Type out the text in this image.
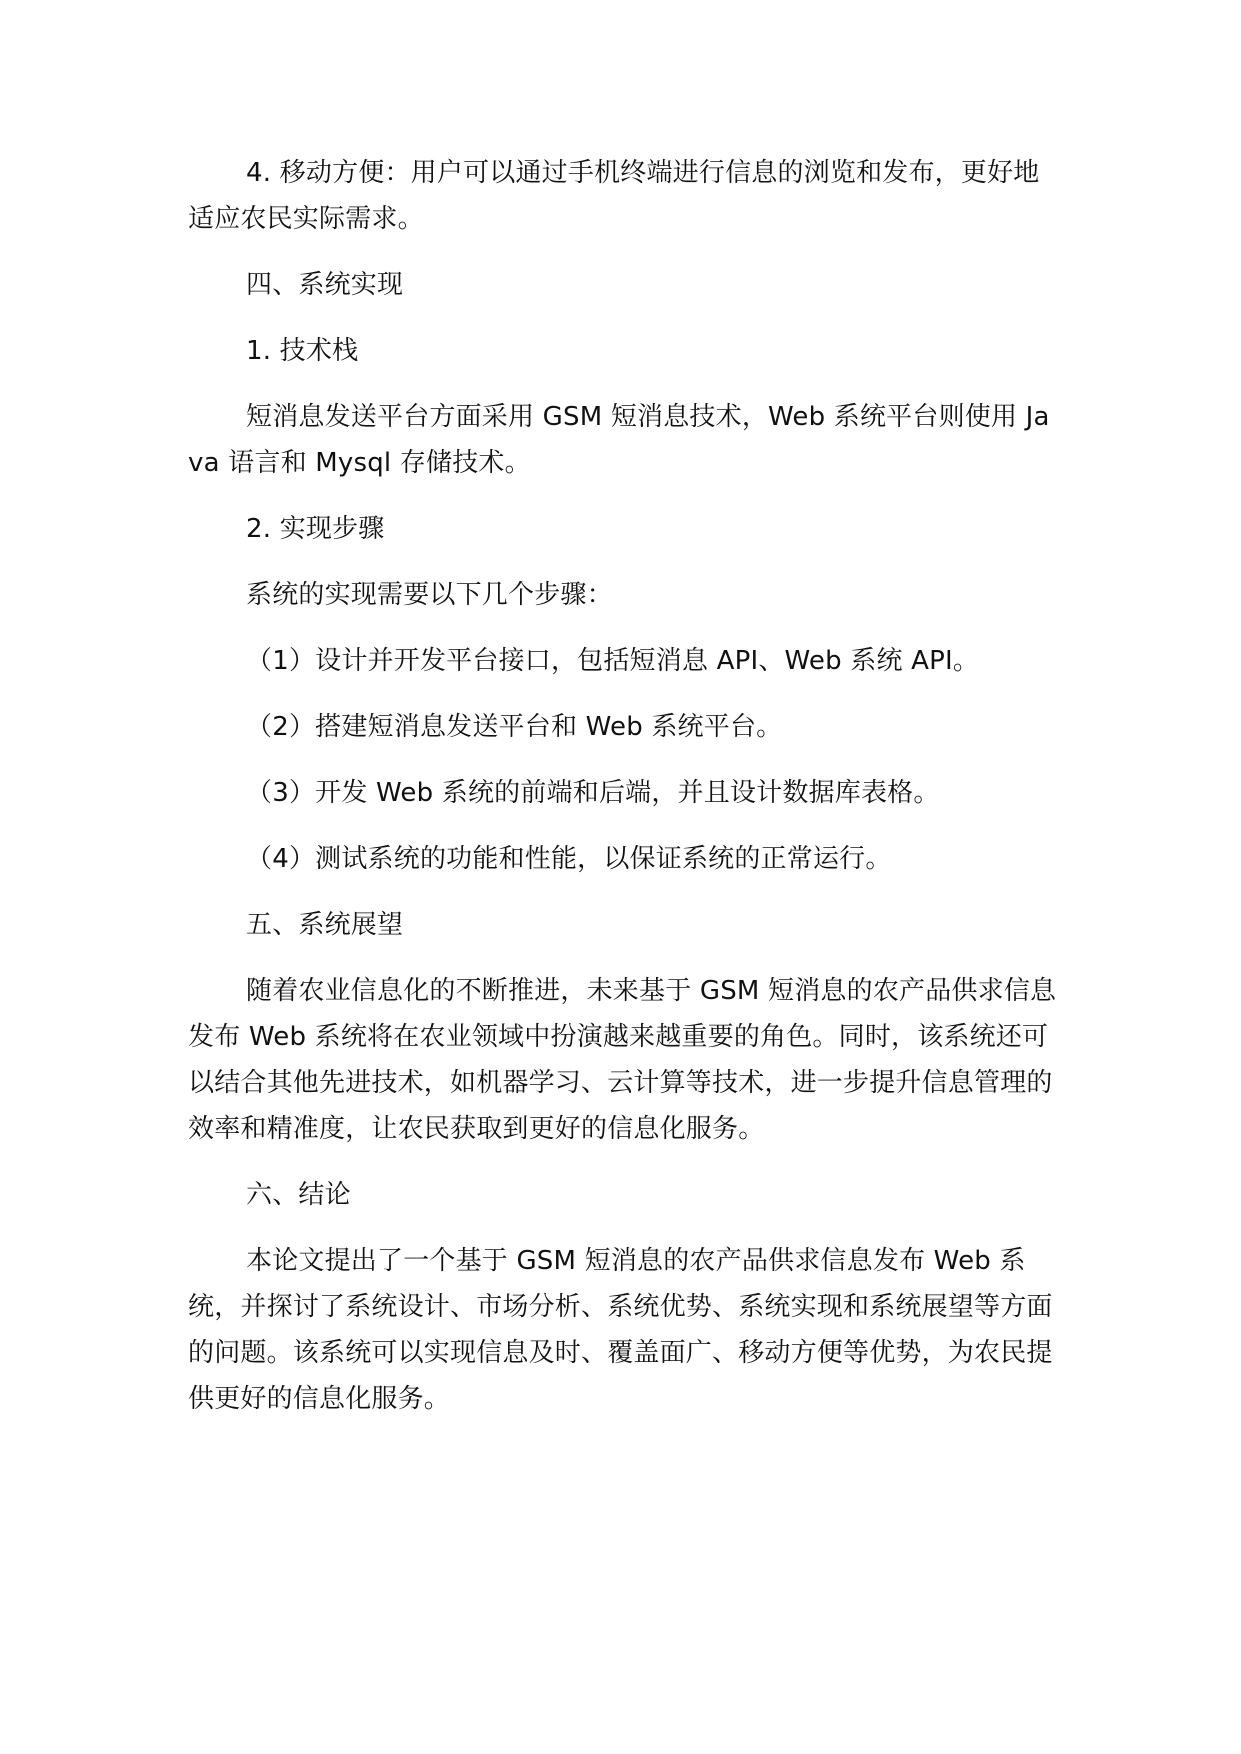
4. 移动方便：用户可以通过手机终端进行信息的浏览和发布，更好地适应农民实际需求。

四、系统实现

1. 技术栈

短消息发送平台方面采用 GSM 短消息技术，Web 系统平台则使用 Java 语言和 Mysql 存储技术。

2. 实现步骤

系统的实现需要以下几个步骤：

（1）设计并开发平台接口，包括短消息 API、Web 系统 API。

（2）搭建短消息发送平台和 Web 系统平台。

（3）开发 Web 系统的前端和后端，并且设计数据库表格。

（4）测试系统的功能和性能，以保证系统的正常运行。

五、系统展望

随着农业信息化的不断推进，未来基于 GSM 短消息的农产品供求信息发布 Web 系统将在农业领域中扮演越来越重要的角色。同时，该系统还可以结合其他先进技术，如机器学习、云计算等技术，进一步提升信息管理的效率和精准度，让农民获取到更好的信息化服务。

六、结论

本论文提出了一个基于 GSM 短消息的农产品供求信息发布 Web 系统，并探讨了系统设计、市场分析、系统优势、系统实现和系统展望等方面的问题。该系统可以实现信息及时、覆盖面广、移动方便等优势，为农民提供更好的信息化服务。
